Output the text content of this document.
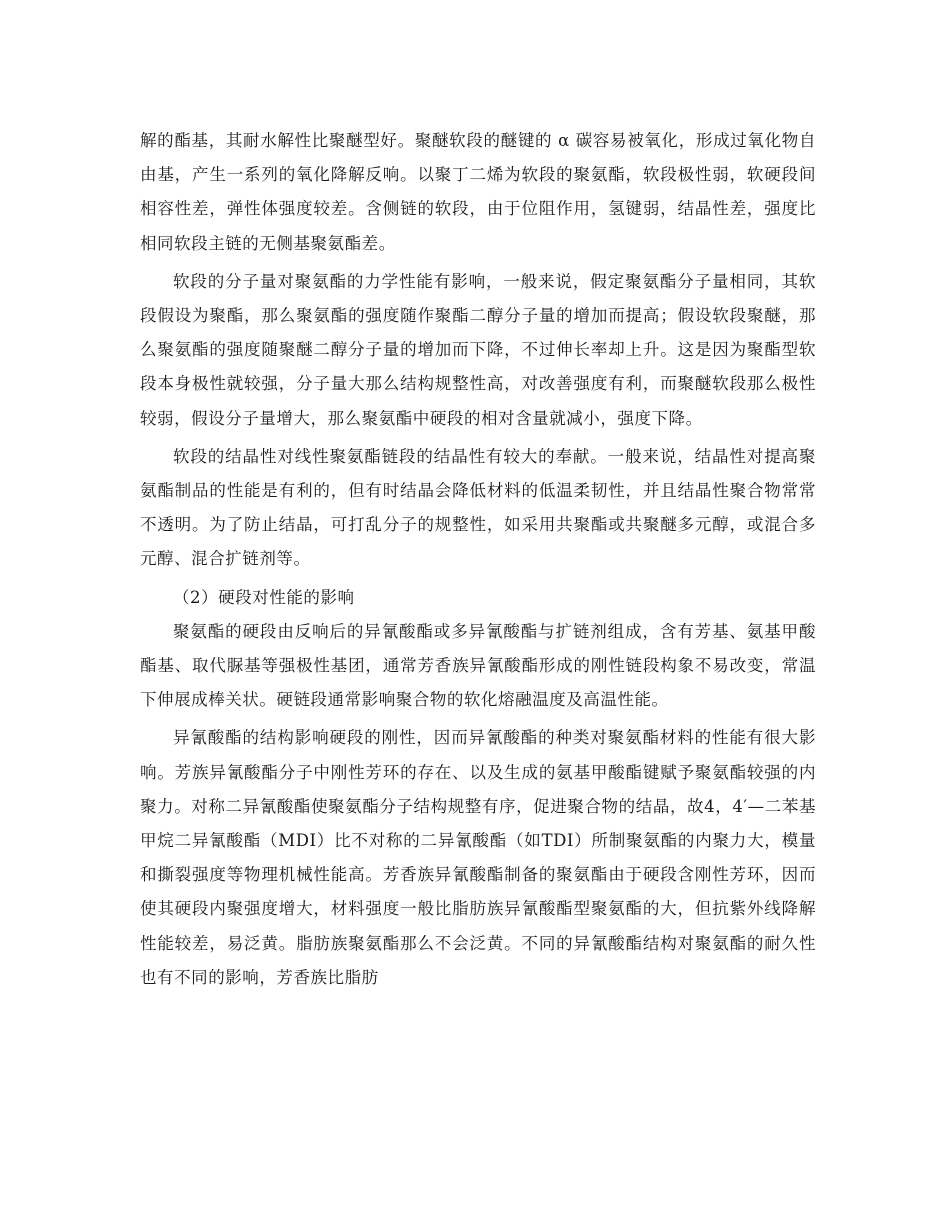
解的酯基，其耐水解性比聚醚型好。聚醚软段的醚键的 α 碳容易被氧化，形成过氧化物自由基，产生一系列的氧化降解反响。以聚丁二烯为软段的聚氨酯，软段极性弱，软硬段间相容性差，弹性体强度较差。含侧链的软段，由于位阻作用，氢键弱，结晶性差，强度比相同软段主链的无侧基聚氨酯差。

软段的分子量对聚氨酯的力学性能有影响，一般来说，假定聚氨酯分子量相同，其软段假设为聚酯，那么聚氨酯的强度随作聚酯二醇分子量的增加而提高；假设软段聚醚，那么聚氨酯的强度随聚醚二醇分子量的增加而下降，不过伸长率却上升。这是因为聚酯型软段本身极性就较强，分子量大那么结构规整性高，对改善强度有利，而聚醚软段那么极性较弱，假设分子量增大，那么聚氨酯中硬段的相对含量就减小，强度下降。

软段的结晶性对线性聚氨酯链段的结晶性有较大的奉献。一般来说，结晶性对提高聚氨酯制品的性能是有利的，但有时结晶会降低材料的低温柔韧性，并且结晶性聚合物常常不透明。为了防止结晶，可打乱分子的规整性，如采用共聚酯或共聚醚多元醇，或混合多元醇、混合扩链剂等。

（2）硬段对性能的影响

聚氨酯的硬段由反响后的异氰酸酯或多异氰酸酯与扩链剂组成，含有芳基、氨基甲酸酯基、取代脲基等强极性基团，通常芳香族异氰酸酯形成的刚性链段构象不易改变，常温下伸展成棒关状。硬链段通常影响聚合物的软化熔融温度及高温性能。

异氰酸酯的结构影响硬段的刚性，因而异氰酸酯的种类对聚氨酯材料的性能有很大影响。芳族异氰酸酯分子中刚性芳环的存在、以及生成的氨基甲酸酯键赋予聚氨酯较强的内聚力。对称二异氰酸酯使聚氨酯分子结构规整有序，促进聚合物的结晶，故4，4′—二苯基甲烷二异氰酸酯（MDI）比不对称的二异氰酸酯（如TDI）所制聚氨酯的内聚力大，模量和撕裂强度等物理机械性能高。芳香族异氰酸酯制备的聚氨酯由于硬段含刚性芳环，因而使其硬段内聚强度增大，材料强度一般比脂肪族异氰酸酯型聚氨酯的大，但抗紫外线降解性能较差，易泛黄。脂肪族聚氨酯那么不会泛黄。不同的异氰酸酯结构对聚氨酯的耐久性也有不同的影响，芳香族比脂肪
